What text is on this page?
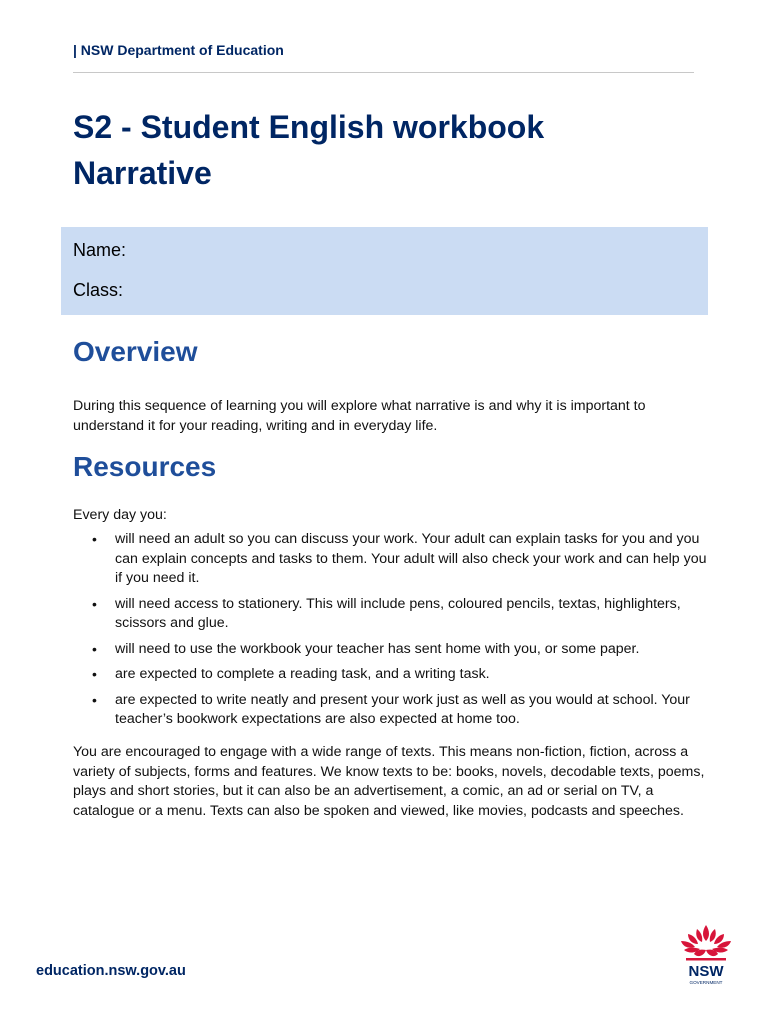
| NSW Department of Education
S2 - Student English workbook
Narrative
Name:
Class:
Overview
During this sequence of learning you will explore what narrative is and why it is important to understand it for your reading, writing and in everyday life.
Resources
Every day you:
• will need an adult so you can discuss your work. Your adult can explain tasks for you and you can explain concepts and tasks to them. Your adult will also check your work and can help you if you need it.
• will need access to stationery. This will include pens, coloured pencils, textas, highlighters, scissors and glue.
• will need to use the workbook your teacher has sent home with you, or some paper.
• are expected to complete a reading task, and a writing task.
• are expected to write neatly and present your work just as well as you would at school. Your teacher’s bookwork expectations are also expected at home too.
You are encouraged to engage with a wide range of texts. This means non-fiction, fiction, across a variety of subjects, forms and features. We know texts to be: books, novels, decodable texts, poems, plays and short stories, but it can also be an advertisement, a comic, an ad or serial on TV, a catalogue or a menu. Texts can also be spoken and viewed, like movies, podcasts and speeches.
education.nsw.gov.au	NSW
GOVERNMENT
